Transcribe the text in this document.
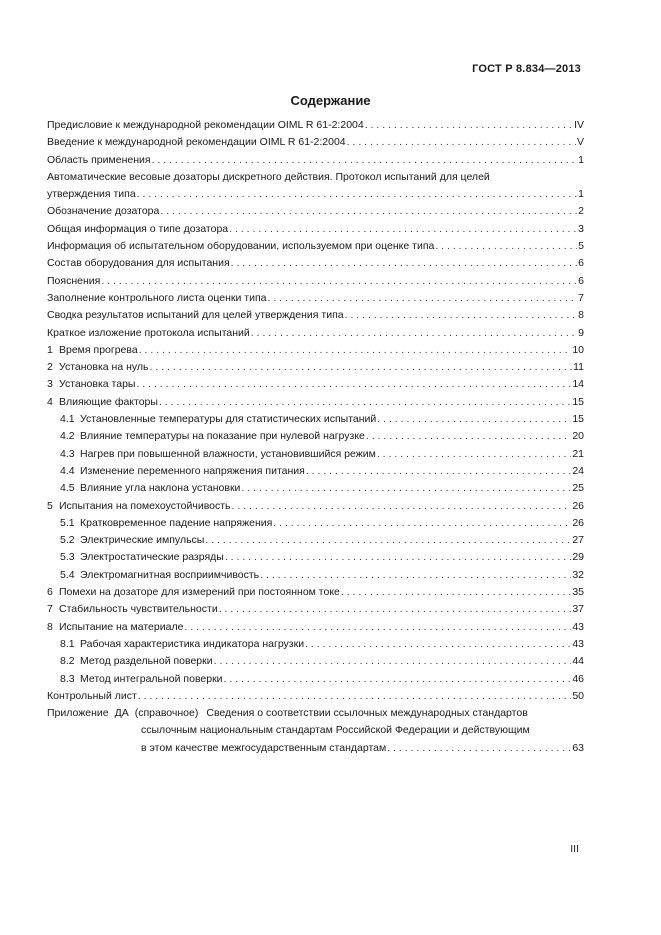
ГОСТ Р 8.834—2013
Содержание
Предисловие к международной рекомендации OIML R 61-2:2004 . . .	IV
Введение к международной рекомендации OIML R 61-2:2004 . . .	V
Область применения . . .	1
Автоматические весовые дозаторы дискретного действия. Протокол испытаний для целей
утверждения типа . . .	1
Обозначение дозатора . . .	2
Общая информация о типе дозатора . . .	3
Информация об испытательном оборудовании, используемом при оценке типа . . .	5
Состав оборудования для испытания . . .	6
Пояснения . . .	6
Заполнение контрольного листа оценки типа . . .	7
Сводка результатов испытаний для целей утверждения типа . . .	8
Краткое изложение протокола испытаний . . .	9
1 Время прогрева . . .	10
2 Установка на нуль . . .	11
3 Установка тары . . .	14
4 Влияющие факторы . . .	15
4.1 Установленные температуры для статистических испытаний . . .	15
4.2 Влияние температуры на показание при нулевой нагрузке . . .	20
4.3 Нагрев при повышенной влажности, установившийся режим . . .	21
4.4 Изменение переменного напряжения питания . . .	24
4.5 Влияние угла наклона установки . . .	25
5 Испытания на помехоустойчивость . . .	26
5.1 Кратковременное падение напряжения . . .	26
5.2 Электрические импульсы . . .	27
5.3 Электростатические разряды . . .	29
5.4 Электромагнитная восприимчивость . . .	32
6 Помехи на дозаторе для измерений при постоянном токе . . .	35
7 Стабильность чувствительности . . .	37
8 Испытание на материале . . .	43
8.1 Рабочая характеристика индикатора нагрузки . . .	43
8.2 Метод раздельной поверки . . .	44
8.3 Метод интегральной поверки . . .	46
Контрольный лист . . .	50
Приложение ДА (справочное) Сведения о соответствии ссылочных международных стандартов
ссылочным национальным стандартам Российской Федерации и действующим
в этом качестве межгосударственным стандартам . . .	63
III
